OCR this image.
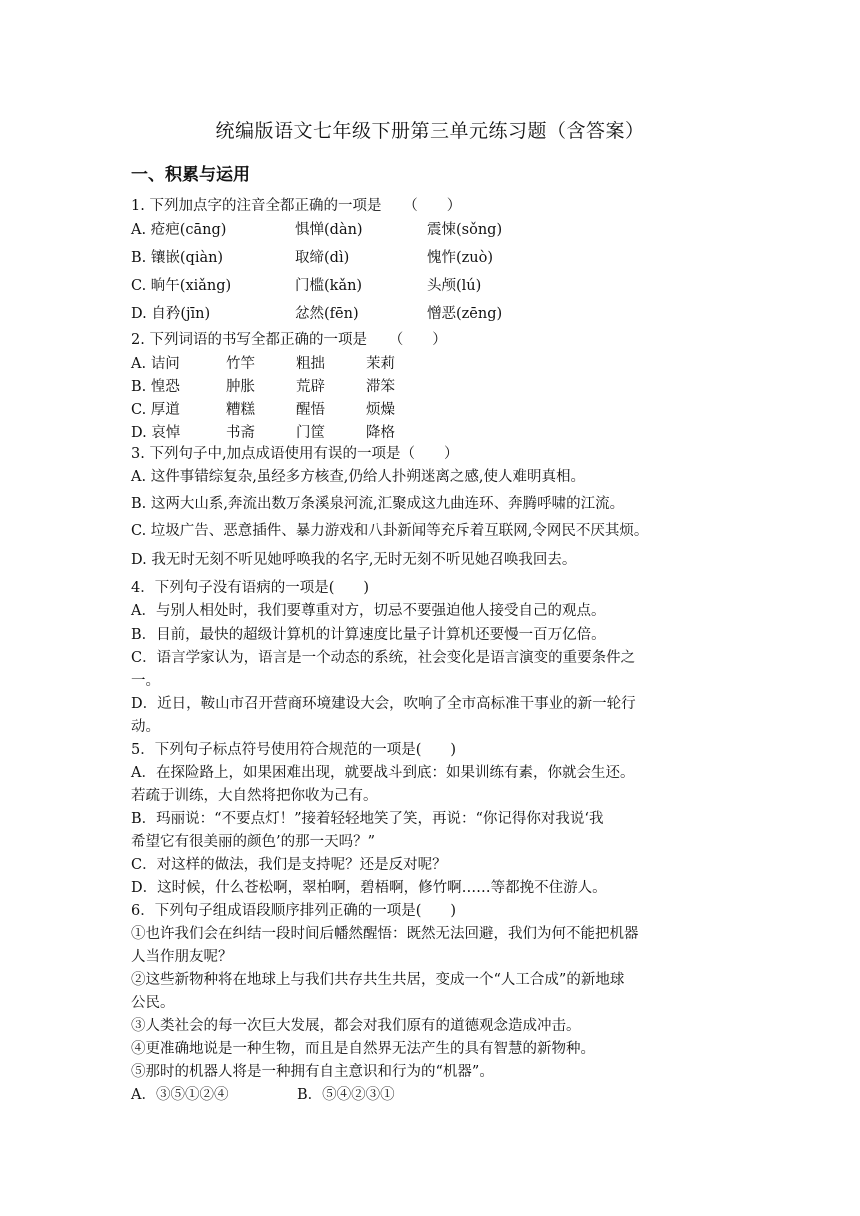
统编版语文七年级下册第三单元练习题（含答案）
一、积累与运用
1. 下列加点字的注音全都正确的一项是　　（　　）
A. 疮疤(cāng)	惧惮(dàn)	震悚(sǒng)
B. 镶嵌(qiàn)	取缔(dì)	愧怍(zuò)
C. 晌午(xiǎng)	门槛(kǎn)	头颅(lú)
D. 自矜(jīn)	忿然(fēn)	憎恶(zēng)
2. 下列词语的书写全都正确的一项是　　（　　）
A. 诘问	竹竿	粗拙	茉莉
B. 惶恐	肿胀	荒辟	滞笨
C. 厚道	糟糕	醒悟	烦燥
D. 哀悼	书斋	门筐	降格
3. 下列句子中,加点成语使用有误的一项是（　　）
A. 这件事错综复杂,虽经多方核查,仍给人扑朔迷离之感,使人难明真相。
B. 这两大山系,奔流出数万条溪泉河流,汇聚成这九曲连环、奔腾呼啸的江流。
C. 垃圾广告、恶意插件、暴力游戏和八卦新闻等充斥着互联网,令网民不厌其烦。
D. 我无时无刻不听见她呼唤我的名字,无时无刻不听见她召唤我回去。
4．下列句子没有语病的一项是(　　)
A．与别人相处时，我们要尊重对方，切忌不要强迫他人接受自己的观点。
B．目前，最快的超级计算机的计算速度比量子计算机还要慢一百万亿倍。
C．语言学家认为，语言是一个动态的系统，社会变化是语言演变的重要条件之
一。
D．近日，鞍山市召开营商环境建设大会，吹响了全市高标准干事业的新一轮行
动。
5．下列句子标点符号使用符合规范的一项是(　　)
A．在探险路上，如果困难出现，就要战斗到底：如果训练有素，你就会生还。
若疏于训练，大自然将把你收为己有。
B．玛丽说：“不要点灯！”接着轻轻地笑了笑，再说：“你记得你对我说‘我
希望它有很美丽的颜色’的那一天吗？”
C．对这样的做法，我们是支持呢？还是反对呢？
D．这时候，什么苍松啊，翠柏啊，碧梧啊，修竹啊……等都挽不住游人。
6．下列句子组成语段顺序排列正确的一项是(　　)
①也许我们会在纠结一段时间后幡然醒悟：既然无法回避，我们为何不能把机器
人当作朋友呢？
②这些新物种将在地球上与我们共存共生共居，变成一个“人工合成”的新地球
公民。
③人类社会的每一次巨大发展，都会对我们原有的道德观念造成冲击。
④更准确地说是一种生物，而且是自然界无法产生的具有智慧的新物种。
⑤那时的机器人将是一种拥有自主意识和行为的“机器”。
A．③⑤①②④	B．⑤④②③①
